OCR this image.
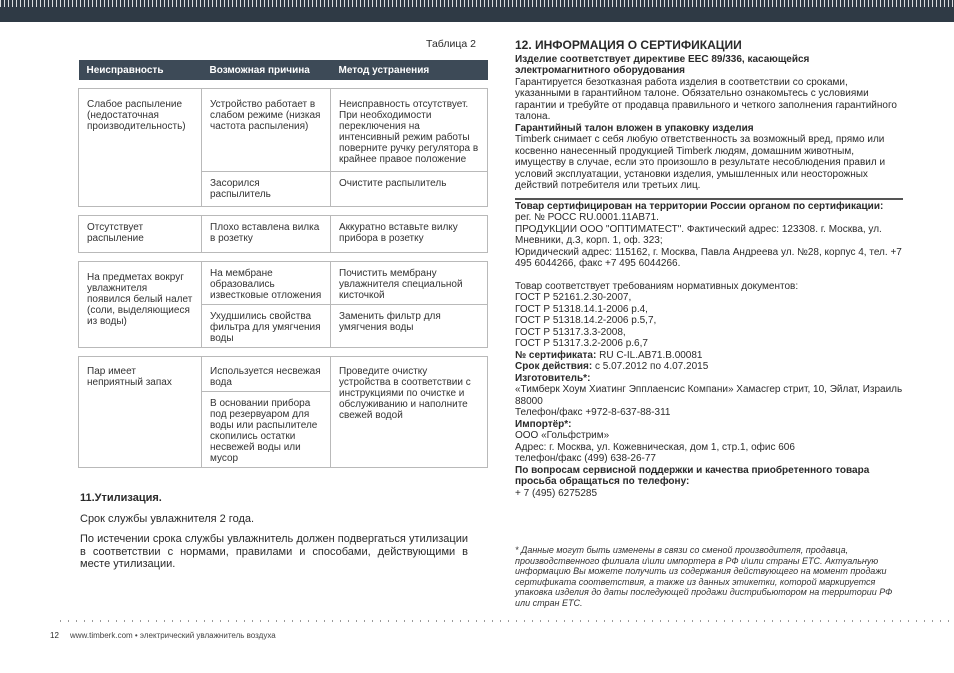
Таблица 2
Неисправность	Возможная причина	Метод устранения

Слабое распыление (недостаточная производительность)	Устройство работает в слабом режиме (низкая частота распыления)	Неисправность отсутствует. При необходимости переключения на интенсивный режим работы поверните ручку регулятора в крайнее правое положение
	Засорился распылитель	Очистите распылитель

Отсутствует распыление	Плохо вставлена вилка в розетку	Аккуратно вставьте вилку прибора в розетку

На предметах вокруг увлажнителя появился белый налет (соли, выделяющиеся из воды)	На мембране образовались известковые отложения	Почистить мембрану увлажнителя специальной кисточкой
	Ухудшились свойства фильтра для умягчения воды	Заменить фильтр для умягчения воды

Пар имеет неприятный запах	Используется несвежая вода	Проведите очистку устройства в соответствии с инструкциями по очистке и обслуживанию и наполните свежей водой
	В основании прибора под резервуаром для воды или распылителе скопились остатки несвежей воды или мусор	
11.Утилизация.
Срок службы увлажнителя 2 года.
По истечении срока службы увлажнитель должен подвергаться утилизации в соответствии с нормами, правилами и способами, действующими в месте утилизации.

12. ИНФОРМАЦИЯ О СЕРТИФИКАЦИИ

Изделие соответствует директиве ЕЕС 89/336, касающейся электромагнитного оборудования

Гарантируется безотказная работа изделия в соответствии со сроками, указанными в гарантийном талоне. Обязательно ознакомьтесь с условиями гарантии и требуйте от продавца правильного и четкого заполнения гарантийного талона.

Гарантийный талон вложен в упаковку изделия

Timberk снимает с себя любую ответственность за возможный вред, прямо или косвенно нанесенный продукцией Timberk людям, домашним животным, имуществу в случае, если это произошло в результате несоблюдения правил и условий эксплуатации, установки изделия, умышленных или неосторожных действий потребителя или третьих лиц.

Товар сертифицирован на территории России органом по сертификации:

рег. № РОСС RU.0001.11АВ71.

ПРОДУКЦИИ ООО "ОПТИМАТЕСТ". Фактический адрес: 123308. г. Москва, ул. Мневники, д.3, корп. 1, оф. 323;

Юридический адрес: 115162, г. Москва, Павла Андреева ул. №28, корпус 4, тел. +7 495 6044266, факс +7 495 6044266.

Товар соответствует требованиям нормативных документов:

ГОСТ Р 52161.2.30-2007,

ГОСТ Р 51318.14.1-2006 р.4,

ГОСТ Р 51318.14.2-2006 р.5,7,

ГОСТ Р 51317.3.3-2008,

ГОСТ Р 51317.3.2-2006 р.6,7

№ сертификата: RU C-IL.АВ71.В.00081

Срок действия: с 5.07.2012 по 4.07.2015

Изготовитель*:

«Тимберк Хоум Хиатинг Эпплаенсис Компани» Хамасгер стрит, 10, Эйлат, Израиль 88000

Телефон/факс +972-8-637-88-311

Импортёр*:

ООО «Гольфстрим»

Адрес: г. Москва, ул. Кожевническая, дом 1, стр.1, офис 606

телефон/факс (499) 638-26-77

По вопросам сервисной поддержки и качества приобретенного товара просьба обращаться по телефону:

+ 7 (495) 6275285

* Данные могут быть изменены в связи со сменой производителя, продавца, производственного филиала и\или импортера в РФ и\или страны ЕТС. Актуальную информацию Вы можете получить из содержания действующего на момент продажи сертификата соответствия, а также из данных этикетки, которой маркируется упаковка изделия до даты последующей продажи дистрибьютором на территории РФ или стран ЕТС.
12 www.timberk.com • электрический увлажнитель воздуха
